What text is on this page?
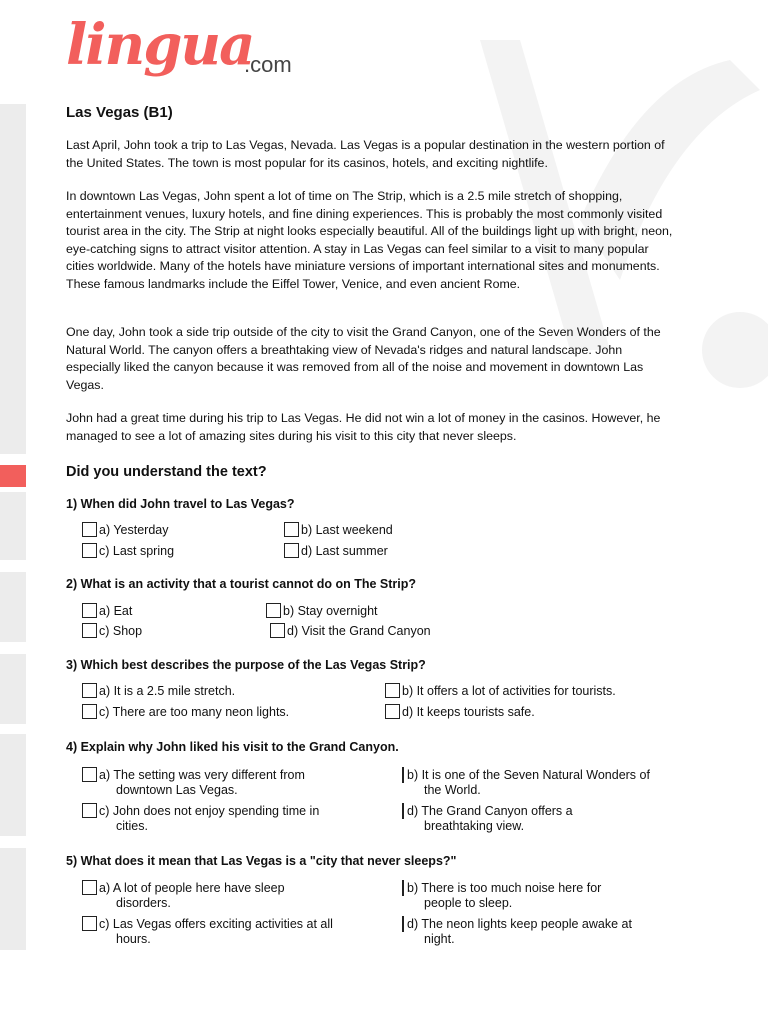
lingua
.com
Las Vegas (B1)

Last April, John took a trip to Las Vegas, Nevada. Las Vegas is a popular destination in the western portion of the United States. The town is most popular for its casinos, hotels, and exciting nightlife.

In downtown Las Vegas, John spent a lot of time on The Strip, which is a 2.5 mile stretch of shopping, entertainment venues, luxury hotels, and fine dining experiences. This is probably the most commonly visited tourist area in the city. The Strip at night looks especially beautiful. All of the buildings light up with bright, neon, eye-catching signs to attract visitor attention. A stay in Las Vegas can feel similar to a visit to many popular cities worldwide. Many of the hotels have miniature versions of important international sites and monuments. These famous landmarks include the Eiffel Tower, Venice, and even ancient Rome.

One day, John took a side trip outside of the city to visit the Grand Canyon, one of the Seven Wonders of the Natural World. The canyon offers a breathtaking view of Nevada's ridges and natural landscape. John especially liked the canyon because it was removed from all of the noise and movement in downtown Las Vegas.

John had a great time during his trip to Las Vegas. He did not win a lot of money in the casinos. However, he managed to see a lot of amazing sites during his visit to this city that never sleeps.

Did you understand the text?
1) When did John travel to Las Vegas?
a) Yesterday	b) Last weekend
c) Last spring	d) Last summer
2) What is an activity that a tourist cannot do on The Strip?
a) Eat	b) Stay overnight
c) Shop	d) Visit the Grand Canyon
3) Which best describes the purpose of the Las Vegas Strip?
a) It is a 2.5 mile stretch.	b) It offers a lot of activities for tourists.
c) There are too many neon lights.	d) It keeps tourists safe.
4) Explain why John liked his visit to the Grand Canyon.
a) The setting was very different from
downtown Las Vegas.
b) It is one of the Seven Natural Wonders of
the World.
c) John does not enjoy spending time in
cities.
d) The Grand Canyon offers a
breathtaking view.
5) What does it mean that Las Vegas is a "city that never sleeps?"
a) A lot of people here have sleep
disorders.
b) There is too much noise here for
people to sleep.
c) Las Vegas offers exciting activities at all
hours.
d) The neon lights keep people awake at
night.
